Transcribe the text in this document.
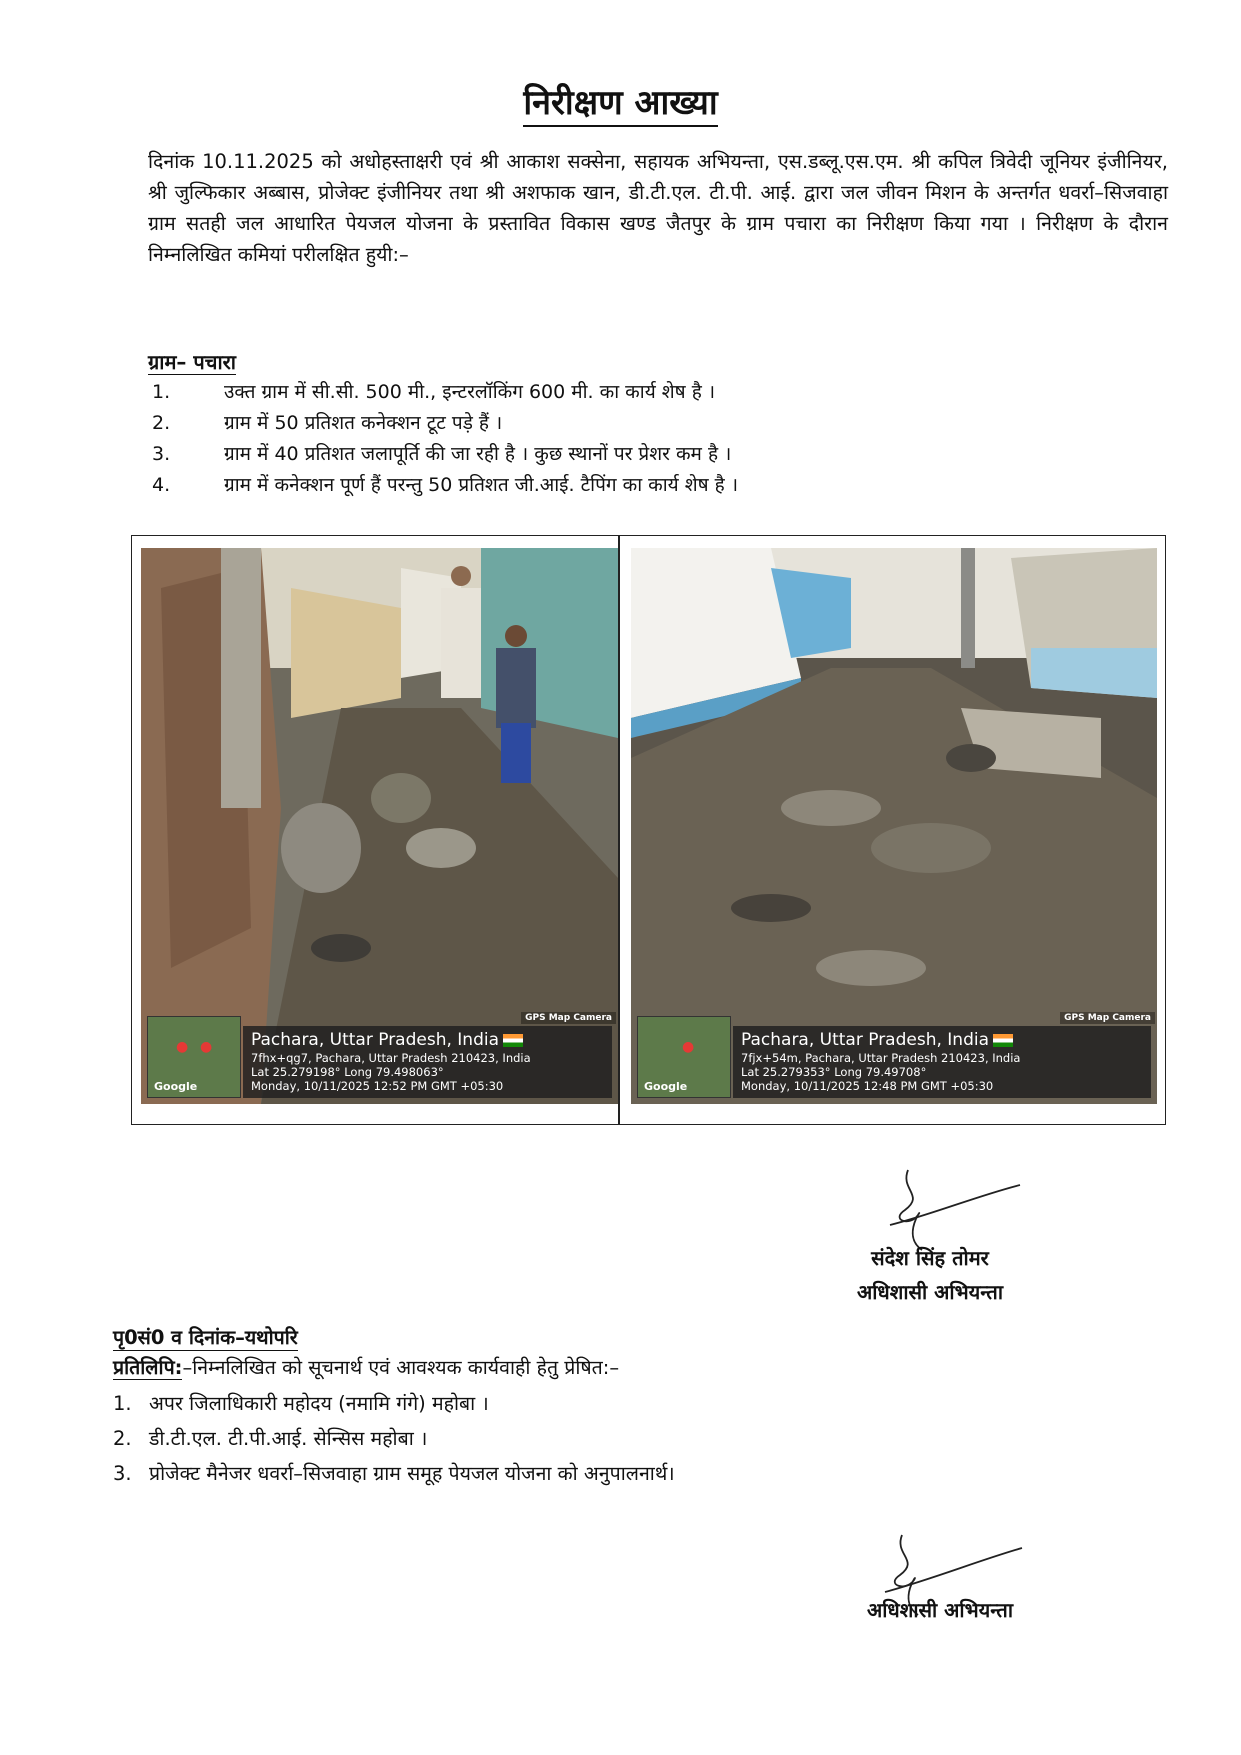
निरीक्षण आख्या
दिनांक 10.11.2025 को अधोहस्ताक्षरी एवं श्री आकाश सक्सेना, सहायक अभियन्ता, एस.डब्लू.एस.एम. श्री कपिल त्रिवेदी जूनियर इंजीनियर, श्री जुल्फिकार अब्बास, प्रोजेक्ट इंजीनियर तथा श्री अशफाक खान, डी.टी.एल. टी.पी. आई. द्वारा जल जीवन मिशन के अन्तर्गत धवर्रा–सिजवाहा ग्राम सतही जल आधारित पेयजल योजना के प्रस्तावित विकास खण्ड जैतपुर के ग्राम पचारा का निरीक्षण किया गया । निरीक्षण के दौरान निम्नलिखित कमियां परीलक्षित हुयी:–
ग्राम– पचारा
1.	उक्त ग्राम में सी.सी. 500 मी., इन्टरलॉकिंग 600 मी. का कार्य शेष है ।
2.	ग्राम में 50 प्रतिशत कनेक्शन टूट पड़े हैं ।
3.	ग्राम में 40 प्रतिशत जलापूर्ति की जा रही है । कुछ स्थानों पर प्रेशर कम है ।
4.	ग्राम में कनेक्शन पूर्ण हैं परन्तु 50 प्रतिशत जी.आई. टैपिंग का कार्य शेष है ।
GPS Map Camera
● ●
Google
Pachara, Uttar Pradesh, India
7fhx+qg7, Pachara, Uttar Pradesh 210423, India
Lat 25.279198° Long 79.498063°
Monday, 10/11/2025 12:52 PM GMT +05:30
GPS Map Camera
●
Google
Pachara, Uttar Pradesh, India
7fjx+54m, Pachara, Uttar Pradesh 210423, India
Lat 25.279353° Long 79.49708°
Monday, 10/11/2025 12:48 PM GMT +05:30
संदेश सिंह तोमर
अधिशासी अभियन्ता
पृ0सं0 व दिनांक–यथोपरि
प्रतिलिपि:–निम्नलिखित को सूचनार्थ एवं आवश्यक कार्यवाही हेतु प्रेषित:–
1. अपर जिलाधिकारी महोदय (नमामि गंगे) महोबा ।
2. डी.टी.एल. टी.पी.आई. सेन्सिस महोबा ।
3. प्रोजेक्ट मैनेजर धवर्रा–सिजवाहा ग्राम समूह पेयजल योजना को अनुपालनार्थ।
अधिशासी अभियन्ता
